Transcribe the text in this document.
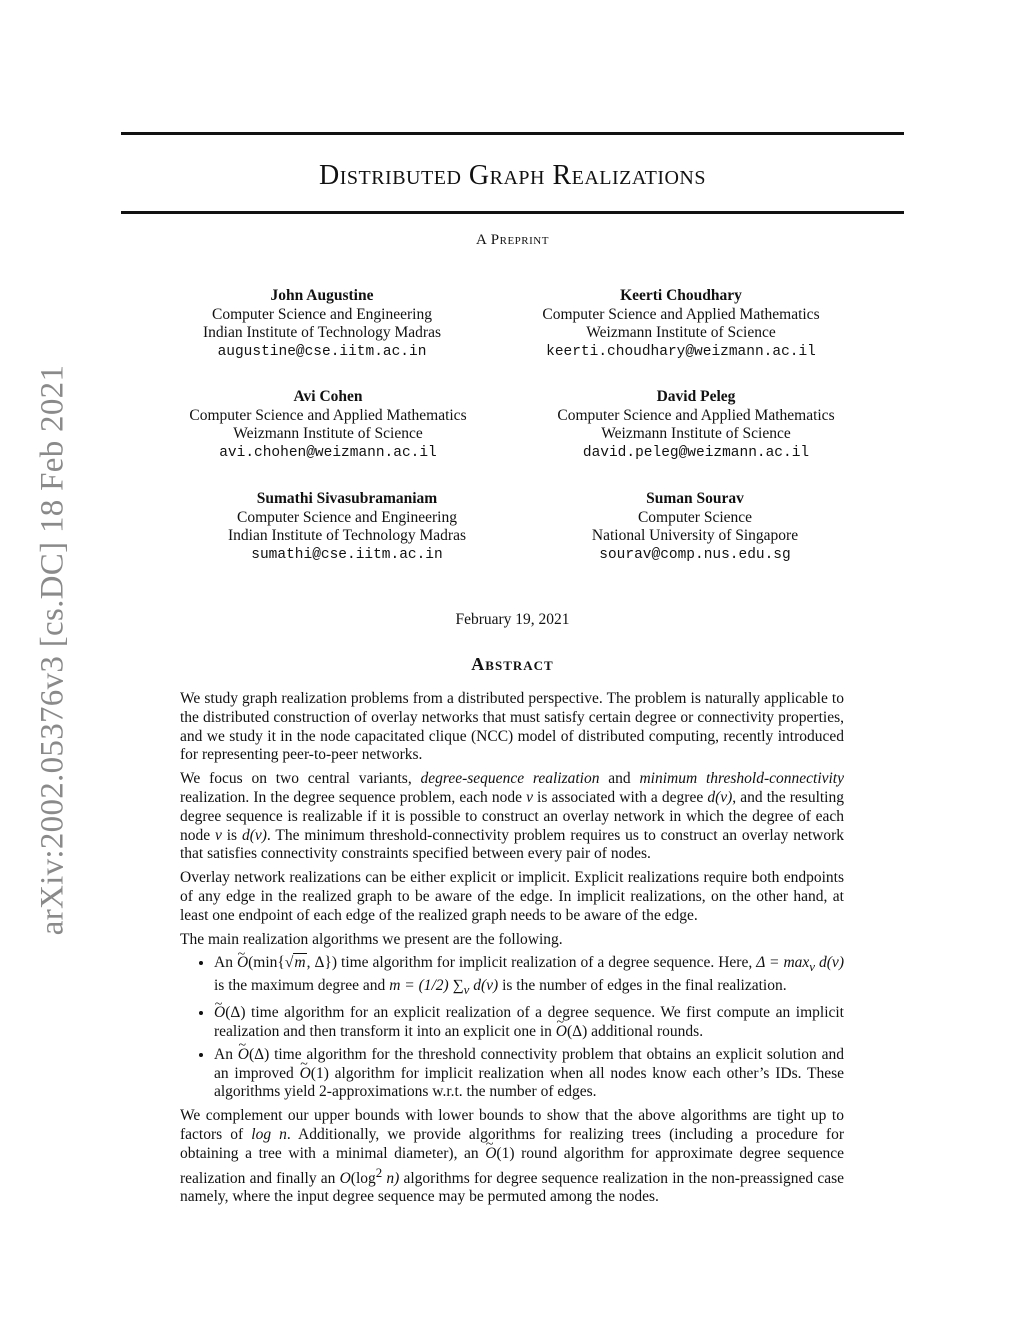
arXiv:2002.05376v3 [cs.DC] 18 Feb 2021
Distributed Graph Realizations
A Preprint
John Augustine
Computer Science and Engineering
Indian Institute of Technology Madras
augustine@cse.iitm.ac.in
Keerti Choudhary
Computer Science and Applied Mathematics
Weizmann Institute of Science
keerti.choudhary@weizmann.ac.il
Avi Cohen
Computer Science and Applied Mathematics
Weizmann Institute of Science
avi.chohen@weizmann.ac.il
David Peleg
Computer Science and Applied Mathematics
Weizmann Institute of Science
david.peleg@weizmann.ac.il
Sumathi Sivasubramaniam
Computer Science and Engineering
Indian Institute of Technology Madras
sumathi@cse.iitm.ac.in
Suman Sourav
Computer Science
National University of Singapore
sourav@comp.nus.edu.sg
February 19, 2021
Abstract

We study graph realization problems from a distributed perspective. The problem is naturally applicable to the distributed construction of overlay networks that must satisfy certain degree or connectivity properties, and we study it in the node capacitated clique (NCC) model of distributed computing, recently introduced for representing peer-to-peer networks.

We focus on two central variants, degree-sequence realization and minimum threshold-connectivity realization. In the degree sequence problem, each node v is associated with a degree d(v), and the resulting degree sequence is realizable if it is possible to construct an overlay network in which the degree of each node v is d(v). The minimum threshold-connectivity problem requires us to construct an overlay network that satisfies connectivity constraints specified between every pair of nodes.

Overlay network realizations can be either explicit or implicit. Explicit realizations require both endpoints of any edge in the realized graph to be aware of the edge. In implicit realizations, on the other hand, at least one endpoint of each edge of the realized graph needs to be aware of the edge.

The main realization algorithms we present are the following.

• An ~ O(min{√m, Δ}) time algorithm for implicit realization of a degree sequence. Here, $\Delta = \max_v d(v)$ is the maximum degree and m = (1/2) $\sum_v$ d(v) is the number of edges in the final realization.
• ~ O(Δ) time algorithm for an explicit realization of a degree sequence. We first compute an implicit realization and then transform it into an explicit one in ~ O(Δ) additional rounds.
• An ~ O(Δ) time algorithm for the threshold connectivity problem that obtains an explicit solution and an improved ~ O(1) algorithm for implicit realization when all nodes know each other’s IDs. These algorithms yield 2-approximations w.r.t. the number of edges.

We complement our upper bounds with lower bounds to show that the above algorithms are tight up to factors of log n. Additionally, we provide algorithms for realizing trees (including a procedure for obtaining a tree with a minimal diameter), an ~ O(1) round algorithm for approximate degree sequence realization and finally an $O(\log^2$ n) algorithms for degree sequence realization in the non-preassigned case namely, where the input degree sequence may be permuted among the nodes.
